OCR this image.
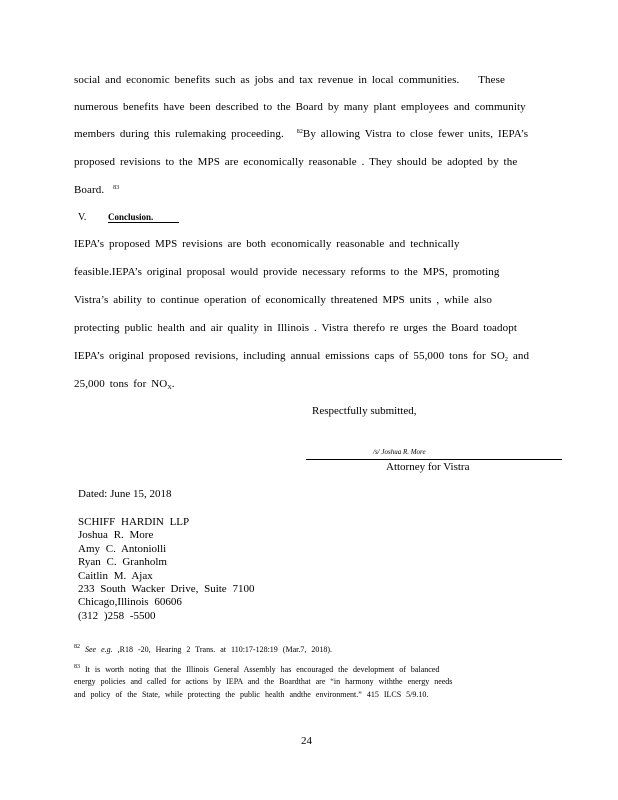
social and economic benefits such as jobs and tax revenue in local communities. These
numerous benefits have been described to the Board by many plant employees and community
members during this rulemaking proceeding. $^{82}$By allowing Vistra to close fewer units, IEPA’s
proposed revisions to the MPS are economically reasonable . They should be adopted by the
Board. $^{83}$
V. Conclusion.
IEPA’s proposed MPS revisions are both economically reasonable and technically
feasible.IEPA’s original proposal would provide necessary reforms to the MPS, promoting
Vistra’s ability to continue operation of economically threatened MPS units , while also
protecting public health and air quality in Illinois . Vistra therefo re urges the Board toadopt
IEPA’s original proposed revisions, including annual emissions caps of 55,000 tons for $SO_2$ and
25,000 tons for $NO_X$.
Respectfully submitted,
/s/ Joshua R. More
Attorney for Vistra
Dated: June 15, 2018
SCHIFF HARDIN LLP
Joshua R. More
Amy C. Antoniolli
Ryan C. Granholm
Caitlin M. Ajax
233 South Wacker Drive, Suite 7100
Chicago,Illinois 60606
(312 )258 -5500
$^{82}$ See e.g. ,R18 -20, Hearing 2 Trans. at 110:17-128:19 (Mar.7, 2018).
$^{83}$ It is worth noting that the Illinois General Assembly has encouraged the development of balanced
energy policies and called for actions by IEPA and the Boardthat are “in harmony withthe energy needs
and policy of the State, while protecting the public health andthe environment.” 415 ILCS 5/9.10.
24
